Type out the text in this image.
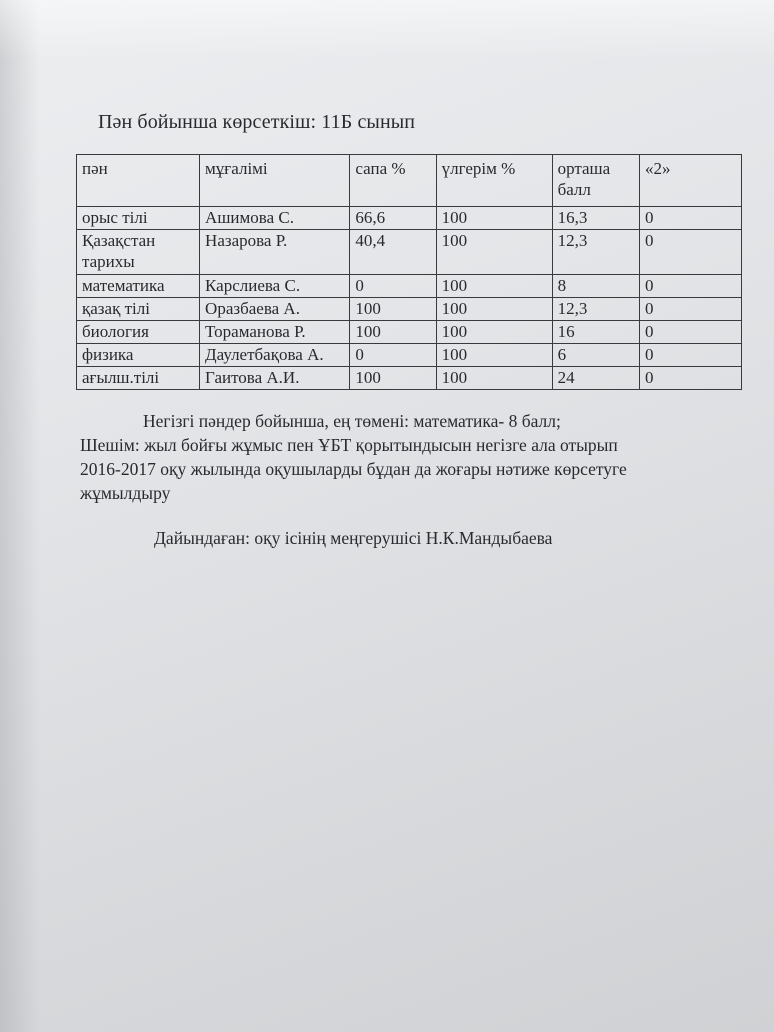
Пән бойынша көрсеткіш: 11Б сынып
пән	мұғалімі	сапа %	үлгерім %	орташа балл	«2»
орыс тілі	Ашимова С.	66,6	100	16,3	0
Қазақстан тарихы	Назарова Р.	40,4	100	12,3	0
математика	Карслиева С.	0	100	8	0
қазақ тілі	Оразбаева А.	100	100	12,3	0
биология	Тораманова Р.	100	100	16	0
физика	Даулетбақова А.	0	100	6	0
ағылш.тілі	Гаитова А.И.	100	100	24	0
Негізгі пәндер бойынша, ең төмені: математика- 8 балл;
Шешім: жыл бойғы жұмыс пен ҰБТ қорытындысын негізге ала отырып
2016-2017 оқу жылында оқушыларды бұдан да жоғары нәтиже көрсетуге
жұмылдыру
Дайындаған: оқу ісінің меңгерушісі Н.К.Мандыбаева
